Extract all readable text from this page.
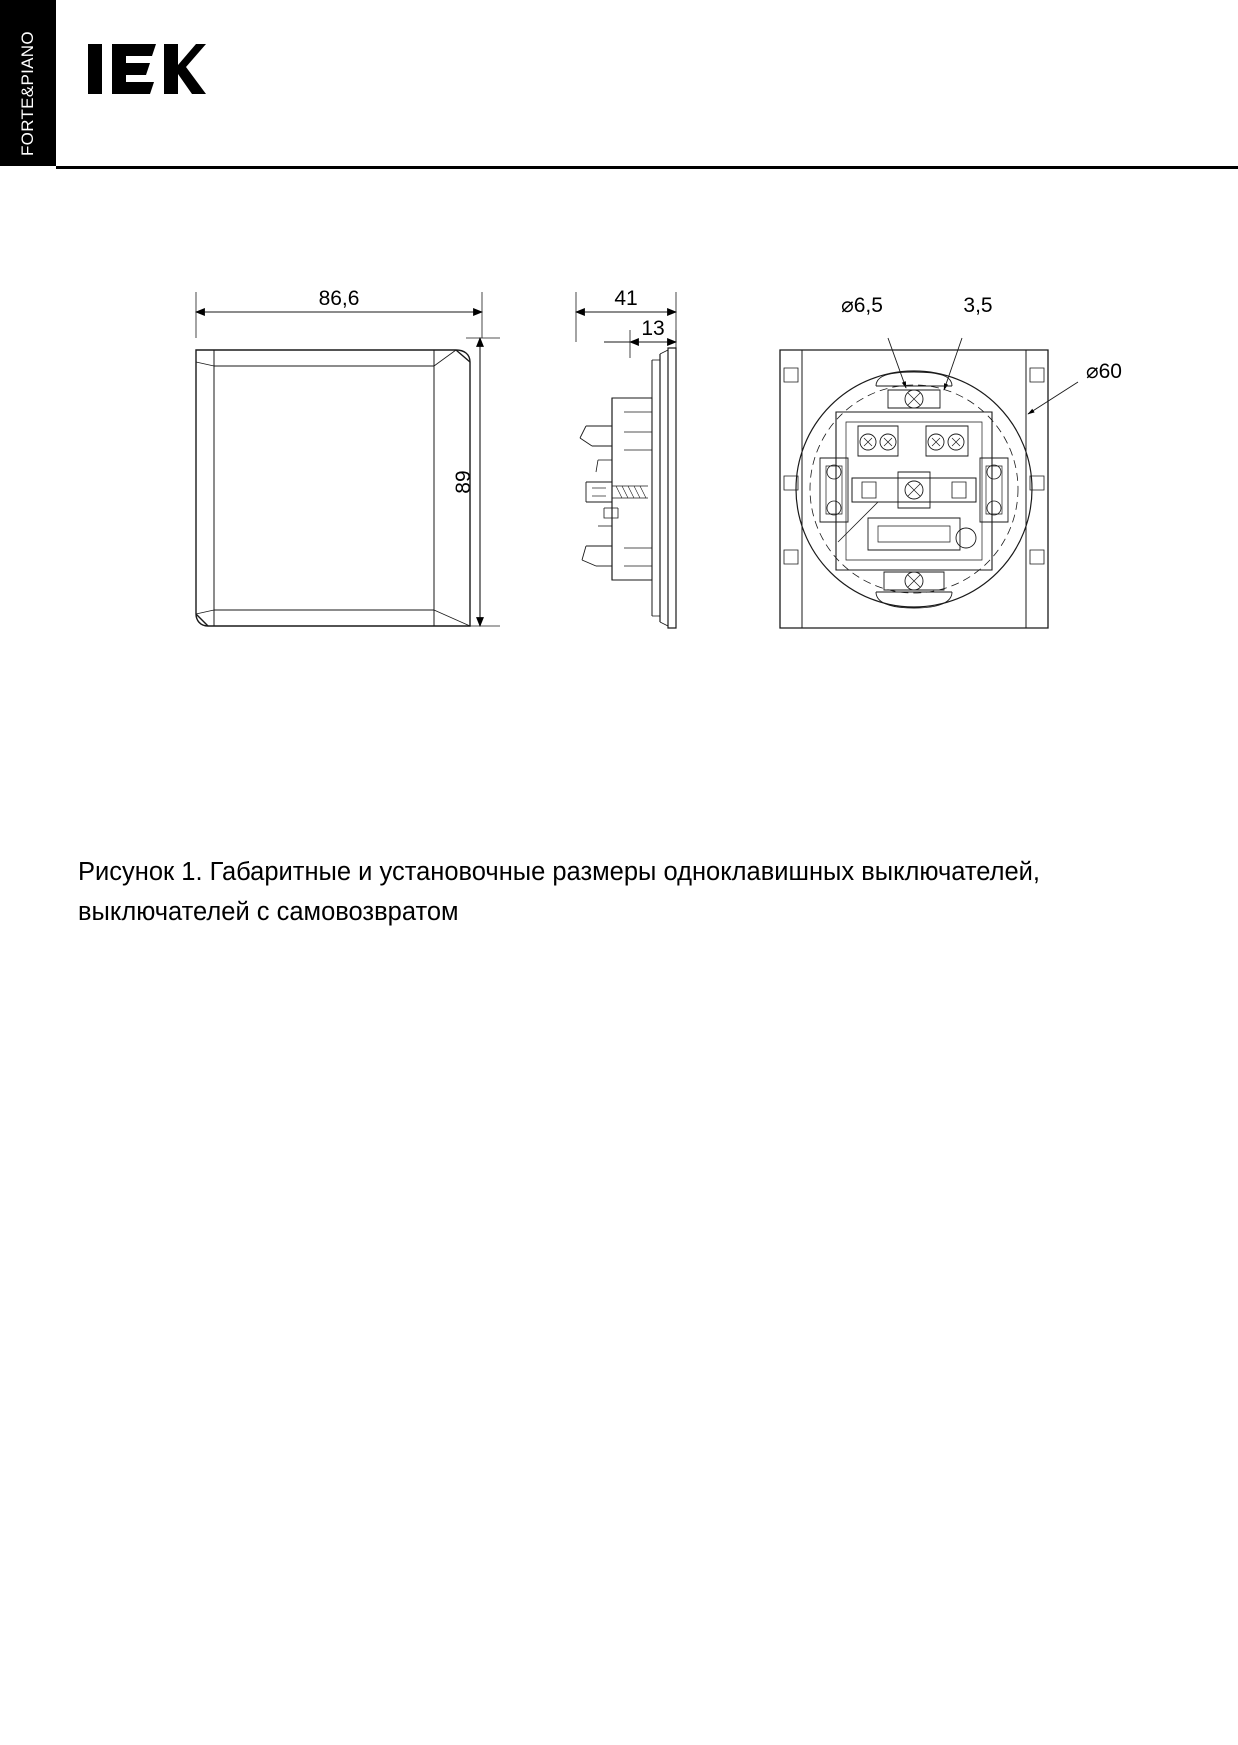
FORTE&PIANO
86,6
89
41
13
⌀6,5	3,5
⌀60
Рисунок 1. Габаритные и установочные размеры одноклавишных выключателей, выключателей с самовозвратом
